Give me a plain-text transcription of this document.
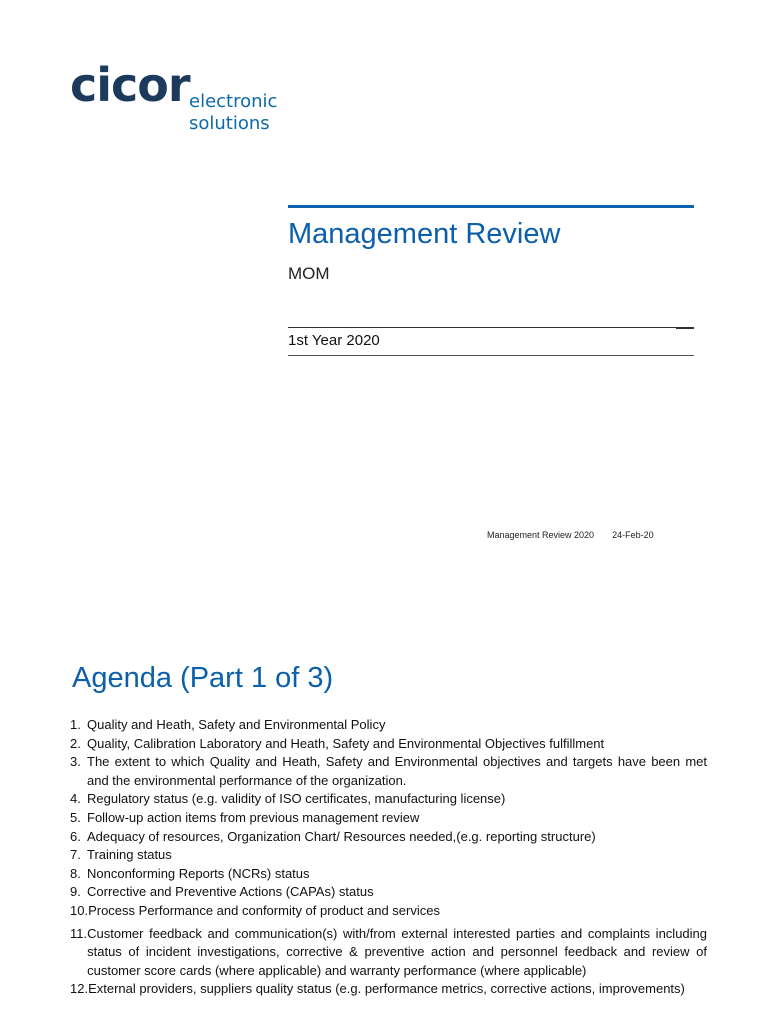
cicor electronic
solutions
Management Review
MOM
1st Year 2020
Management Review 2020 24-Feb-20
Agenda (Part 1 of 3)
1. Quality and Heath, Safety and Environmental Policy
2. Quality, Calibration Laboratory and Heath, Safety and Environmental Objectives fulfillment
3. The extent to which Quality and Heath, Safety and Environmental objectives and targets have been met and the environmental performance of the organization.
4. Regulatory status (e.g. validity of ISO certificates, manufacturing license)
5. Follow-up action items from previous management review
6. Adequacy of resources, Organization Chart/ Resources needed,(e.g. reporting structure)
7. Training status
8. Nonconforming Reports (NCRs) status
9. Corrective and Preventive Actions (CAPAs) status
10. Process Performance and conformity of product and services
11. Customer feedback and communication(s) with/from external interested parties and complaints including status of incident investigations, corrective & preventive action and personnel feedback and review of customer score cards (where applicable) and warranty performance (where applicable)
12. External providers, suppliers quality status (e.g. performance metrics, corrective actions, improvements)
